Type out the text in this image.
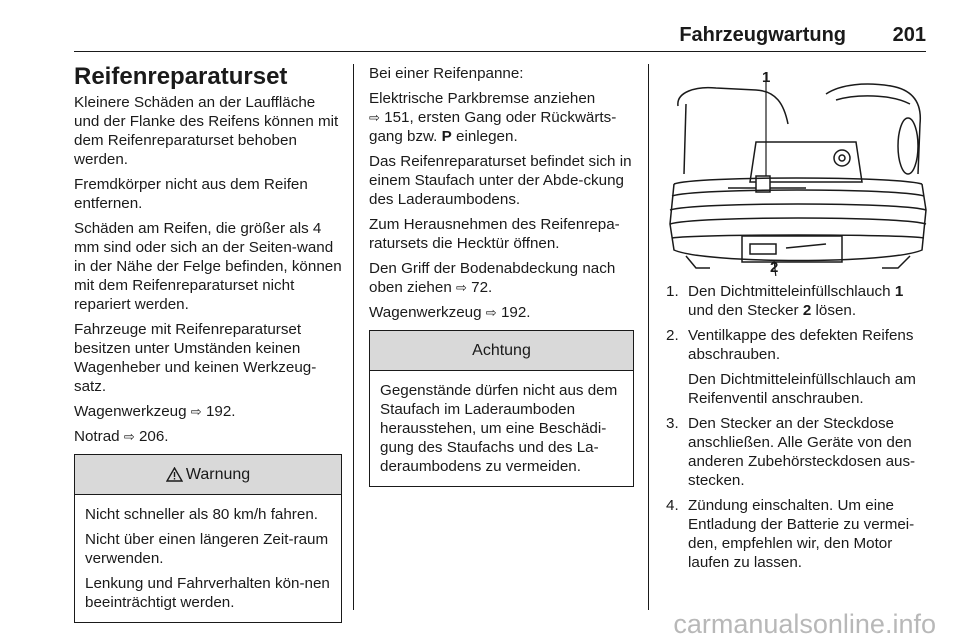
Fahrzeugwartung 201
Reifenreparaturset

Kleinere Schäden an der Lauffläche und der Flanke des Reifens können mit dem Reifenreparaturset behoben werden.

Fremdkörper nicht aus dem Reifen entfernen.

Schäden am Reifen, die größer als 4 mm sind oder sich an der Seiten-wand in der Nähe der Felge befinden, können mit dem Reifenreparaturset nicht repariert werden.

Fahrzeuge mit Reifenreparaturset besitzen unter Umständen keinen Wagenheber und keinen Werkzeug-satz.

Wagenwerkzeug ⇨ 192.

Notrad ⇨ 206.

Warnung

Nicht schneller als 80 km/h fahren.

Nicht über einen längeren Zeit-raum verwenden.

Lenkung und Fahrverhalten kön-nen beeinträchtigt werden.

Bei einer Reifenpanne:

Elektrische Parkbremse anziehen
⇨ 151, ersten Gang oder Rückwärts-gang bzw. P einlegen.

Das Reifenreparaturset befindet sich in einem Staufach unter der Abde-ckung des Laderaumbodens.

Zum Herausnehmen des Reifenrepa-ratursets die Hecktür öffnen.

Den Griff der Bodenabdeckung nach oben ziehen ⇨ 72.

Wagenwerkzeug ⇨ 192.

Achtung

Gegenstände dürfen nicht aus dem Staufach im Laderaumboden herausstehen, um eine Beschädi-gung des Staufachs und des La-deraumbodens zu vermeiden.

1
2
1. Den Dichtmitteleinfüllschlauch 1 und den Stecker 2 lösen.
2. Ventilkappe des defekten Reifens abschrauben.

Den Dichtmitteleinfüllschlauch am Reifenventil anschrauben.

3. Den Stecker an der Steckdose anschließen. Alle Geräte von den anderen Zubehörsteckdosen aus-stecken.
4. Zündung einschalten. Um eine Entladung der Batterie zu vermei-den, empfehlen wir, den Motor laufen zu lassen.
carmanualsonline.info
